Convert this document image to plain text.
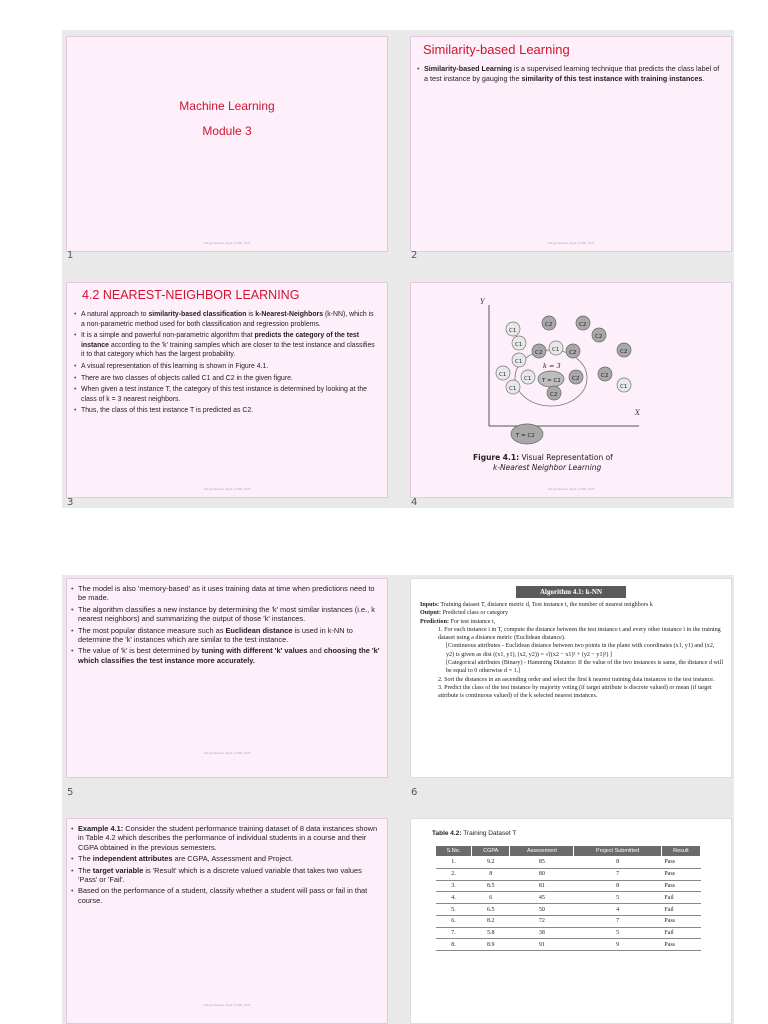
Machine Learning
Module 3
Ramya Ramalu, Dept. of ISE, SKIT
1
Similarity-based Learning
• Similarity-based Learning is a supervised learning technique that predicts the class label of a test instance by gauging the similarity of this test instance with training instances.
Ramya Ramalu, Dept. of ISE, SKIT
2
4.2 NEAREST-NEIGHBOR LEARNING
• A natural approach to similarity-based classification is k-Nearest-Neighbors (k-NN), which is a non-parametric method used for both classification and regression problems.
• It is a simple and powerful non-parametric algorithm that predicts the category of the test instance according to the 'k' training samples which are closer to the test instance and classifies it to that category which has the largest probability.
• A visual representation of this learning is shown in Figure 4.1.
• There are two classes of objects called C1 and C2 in the given figure.
• When given a test instance T, the category of this test instance is determined by looking at the class of k = 3 nearest neighbors.
• Thus, the class of this test instance T is predicted as C2.
Ramya Ramalu, Dept. of ISE, SKIT
3
Y
X
C1
C1
C2	C2
C2
C2
C1
C2 C1 C2
k = 3
C1
C1 T = C2 C2	C2
C1
C2
C1
T = C2
Figure 4.1: Visual Representation of
k-Nearest Neighbor Learning
Ramya Ramalu, Dept. of ISE, SKIT
4
• The model is also 'memory-based' as it uses training data at time when predictions need to be made.
• The algorithm classifies a new instance by determining the 'k' most similar instances (i.e., k nearest neighbors) and summarizing the output of those 'k' instances.
• The most popular distance measure such as Euclidean distance is used in k-NN to determine the 'k' instances which are similar to the test instance.
• The value of 'k' is best determined by tuning with different 'k' values and choosing the 'k' which classifies the test instance more accurately.
Ramya Ramalu, Dept. of ISE, SKIT
5
Algorithm 4.1: k-NN
Inputs: Training dataset T, distance metric d, Test instance t, the number of nearest neighbors k
Output: Predicted class or category
Prediction: For test instance t,
1. For each instance i in T, compute the distance between the test instance t and every other instance i in the training dataset using a distance metric (Euclidean distance).
[Continuous attributes - Euclidean distance between two points in the plane with coordinates (x1, y1) and (x2, y2) is given as dist ((x1, y1), (x2, y2)) = √((x2 − x1)² + (y2 − y1)²) ]
[Categorical attributes (Binary) - Hamming Distance: If the value of the two instances is same, the distance d will be equal to 0 otherwise d = 1.]
2. Sort the distances in an ascending order and select the first k nearest training data instances to the test instance.
3. Predict the class of the test instance by majority voting (if target attribute is discrete valued) or mean (if target attribute is continuous valued) of the k selected nearest instances.
6
• Example 4.1: Consider the student performance training dataset of 8 data instances shown in Table 4.2 which describes the performance of individual students in a course and their CGPA obtained in the previous semesters.
• The independent attributes are CGPA, Assessment and Project.
• The target variable is 'Result' which is a discrete valued variable that takes two values 'Pass' or 'Fail'.
• Based on the performance of a student, classify whether a student will pass or fail in that course.
Ramya Ramalu, Dept. of ISE, SKIT
Table 4.2: Training Dataset T
S.No.	CGPA	Assessment	Project Submitted	Result
1.	9.2	85	8	Pass
2.	8	80	7	Pass
3.	8.5	81	8	Pass
4.	6	45	5	Fail
5.	6.5	50	4	Fail
6.	8.2	72	7	Pass
7.	5.8	38	5	Fail
8.	8.9	91	9	Pass
